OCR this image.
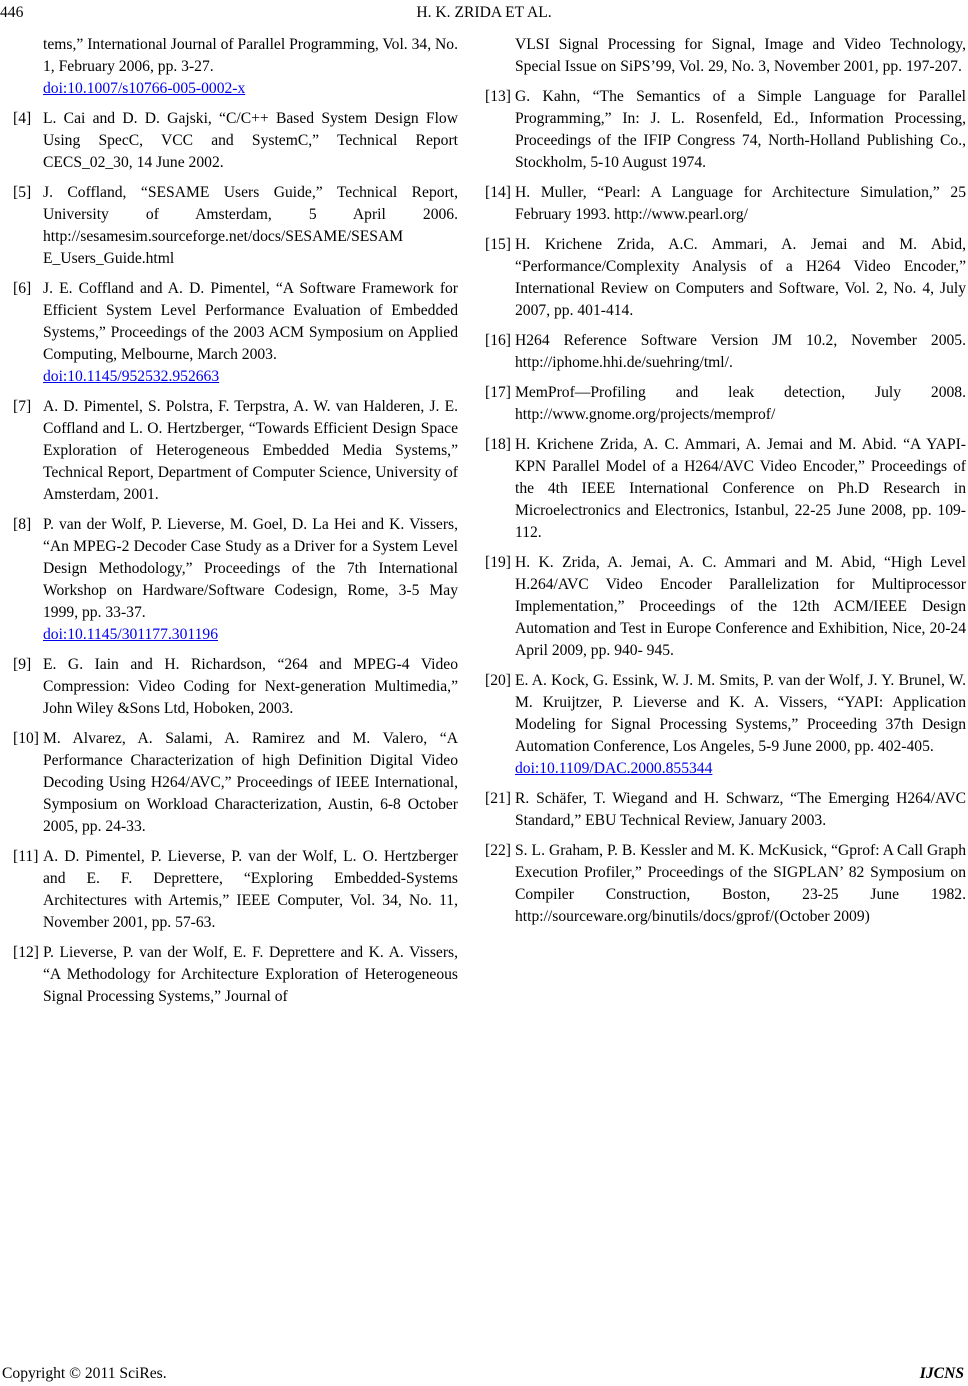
446	H. K. ZRIDA ET AL.
tems,” International Journal of Parallel Programming, Vol. 34, No. 1, February 2006, pp. 3-27.
doi:10.1007/s10766-005-0002-x
[4] L. Cai and D. D. Gajski, “C/C++ Based System Design Flow Using SpecC, VCC and SystemC,” Technical Report CECS_02_30, 14 June 2002.
[5] J. Coffland, “SESAME Users Guide,” Technical Report, University of Amsterdam, 5 April 2006. http://sesamesim.sourceforge.net/docs/SESAME/SESAM E_Users_Guide.html
[6] J. E. Coffland and A. D. Pimentel, “A Software Framework for Efficient System Level Performance Evaluation of Embedded Systems,” Proceedings of the 2003 ACM Symposium on Applied Computing, Melbourne, March 2003.
doi:10.1145/952532.952663
[7] A. D. Pimentel, S. Polstra, F. Terpstra, A. W. van Halderen, J. E. Coffland and L. O. Hertzberger, “Towards Efficient Design Space Exploration of Heterogeneous Embedded Media Systems,” Technical Report, Department of Computer Science, University of Amsterdam, 2001.
[8] P. van der Wolf, P. Lieverse, M. Goel, D. La Hei and K. Vissers, “An MPEG-2 Decoder Case Study as a Driver for a System Level Design Methodology,” Proceedings of the 7th International Workshop on Hardware/Software Codesign, Rome, 3-5 May 1999, pp. 33-37.
doi:10.1145/301177.301196
[9] E. G. Iain and H. Richardson, “264 and MPEG-4 Video Compression: Video Coding for Next-generation Multimedia,” John Wiley &Sons Ltd, Hoboken, 2003.
[10] M. Alvarez, A. Salami, A. Ramirez and M. Valero, “A Performance Characterization of high Definition Digital Video Decoding Using H264/AVC,” Proceedings of IEEE International, Symposium on Workload Characterization, Austin, 6-8 October 2005, pp. 24-33.
[11] A. D. Pimentel, P. Lieverse, P. van der Wolf, L. O. Hertzberger and E. F. Deprettere, “Exploring Embedded-Systems Architectures with Artemis,” IEEE Computer, Vol. 34, No. 11, November 2001, pp. 57-63.
[12] P. Lieverse, P. van der Wolf, E. F. Deprettere and K. A. Vissers, “A Methodology for Architecture Exploration of Heterogeneous Signal Processing Systems,” Journal of
VLSI Signal Processing for Signal, Image and Video Technology, Special Issue on SiPS’99, Vol. 29, No. 3, November 2001, pp. 197-207.
[13] G. Kahn, “The Semantics of a Simple Language for Parallel Programming,” In: J. L. Rosenfeld, Ed., Information Processing, Proceedings of the IFIP Congress 74, North-Holland Publishing Co., Stockholm, 5-10 August 1974.
[14] H. Muller, “Pearl: A Language for Architecture Simulation,” 25 February 1993. http://www.pearl.org/
[15] H. Krichene Zrida, A.C. Ammari, A. Jemai and M. Abid, “Performance/Complexity Analysis of a H264 Video Encoder,” International Review on Computers and Software, Vol. 2, No. 4, July 2007, pp. 401-414.
[16] H264 Reference Software Version JM 10.2, November 2005. http://iphome.hhi.de/suehring/tml/.
[17] MemProf—Profiling and leak detection, July 2008. http://www.gnome.org/projects/memprof/
[18] H. Krichene Zrida, A. C. Ammari, A. Jemai and M. Abid. “A YAPI-KPN Parallel Model of a H264/AVC Video Encoder,” Proceedings of the 4th IEEE International Conference on Ph.D Research in Microelectronics and Electronics, Istanbul, 22-25 June 2008, pp. 109-112.
[19] H. K. Zrida, A. Jemai, A. C. Ammari and M. Abid, “High Level H.264/AVC Video Encoder Parallelization for Multiprocessor Implementation,” Proceedings of the 12th ACM/IEEE Design Automation and Test in Europe Conference and Exhibition, Nice, 20-24 April 2009, pp. 940- 945.
[20] E. A. Kock, G. Essink, W. J. M. Smits, P. van der Wolf, J. Y. Brunel, W. M. Kruijtzer, P. Lieverse and K. A. Vissers, “YAPI: Application Modeling for Signal Processing Systems,” Proceeding 37th Design Automation Conference, Los Angeles, 5-9 June 2000, pp. 402-405.
doi:10.1109/DAC.2000.855344
[21] R. Schäfer, T. Wiegand and H. Schwarz, “The Emerging H264/AVC Standard,” EBU Technical Review, January 2003.
[22] S. L. Graham, P. B. Kessler and M. K. McKusick, “Gprof: A Call Graph Execution Profiler,” Proceedings of the SIGPLAN’ 82 Symposium on Compiler Construction, Boston, 23-25 June 1982. http://sourceware.org/binutils/docs/gprof/(October 2009)
Copyright © 2011 SciRes.	IJCNS
